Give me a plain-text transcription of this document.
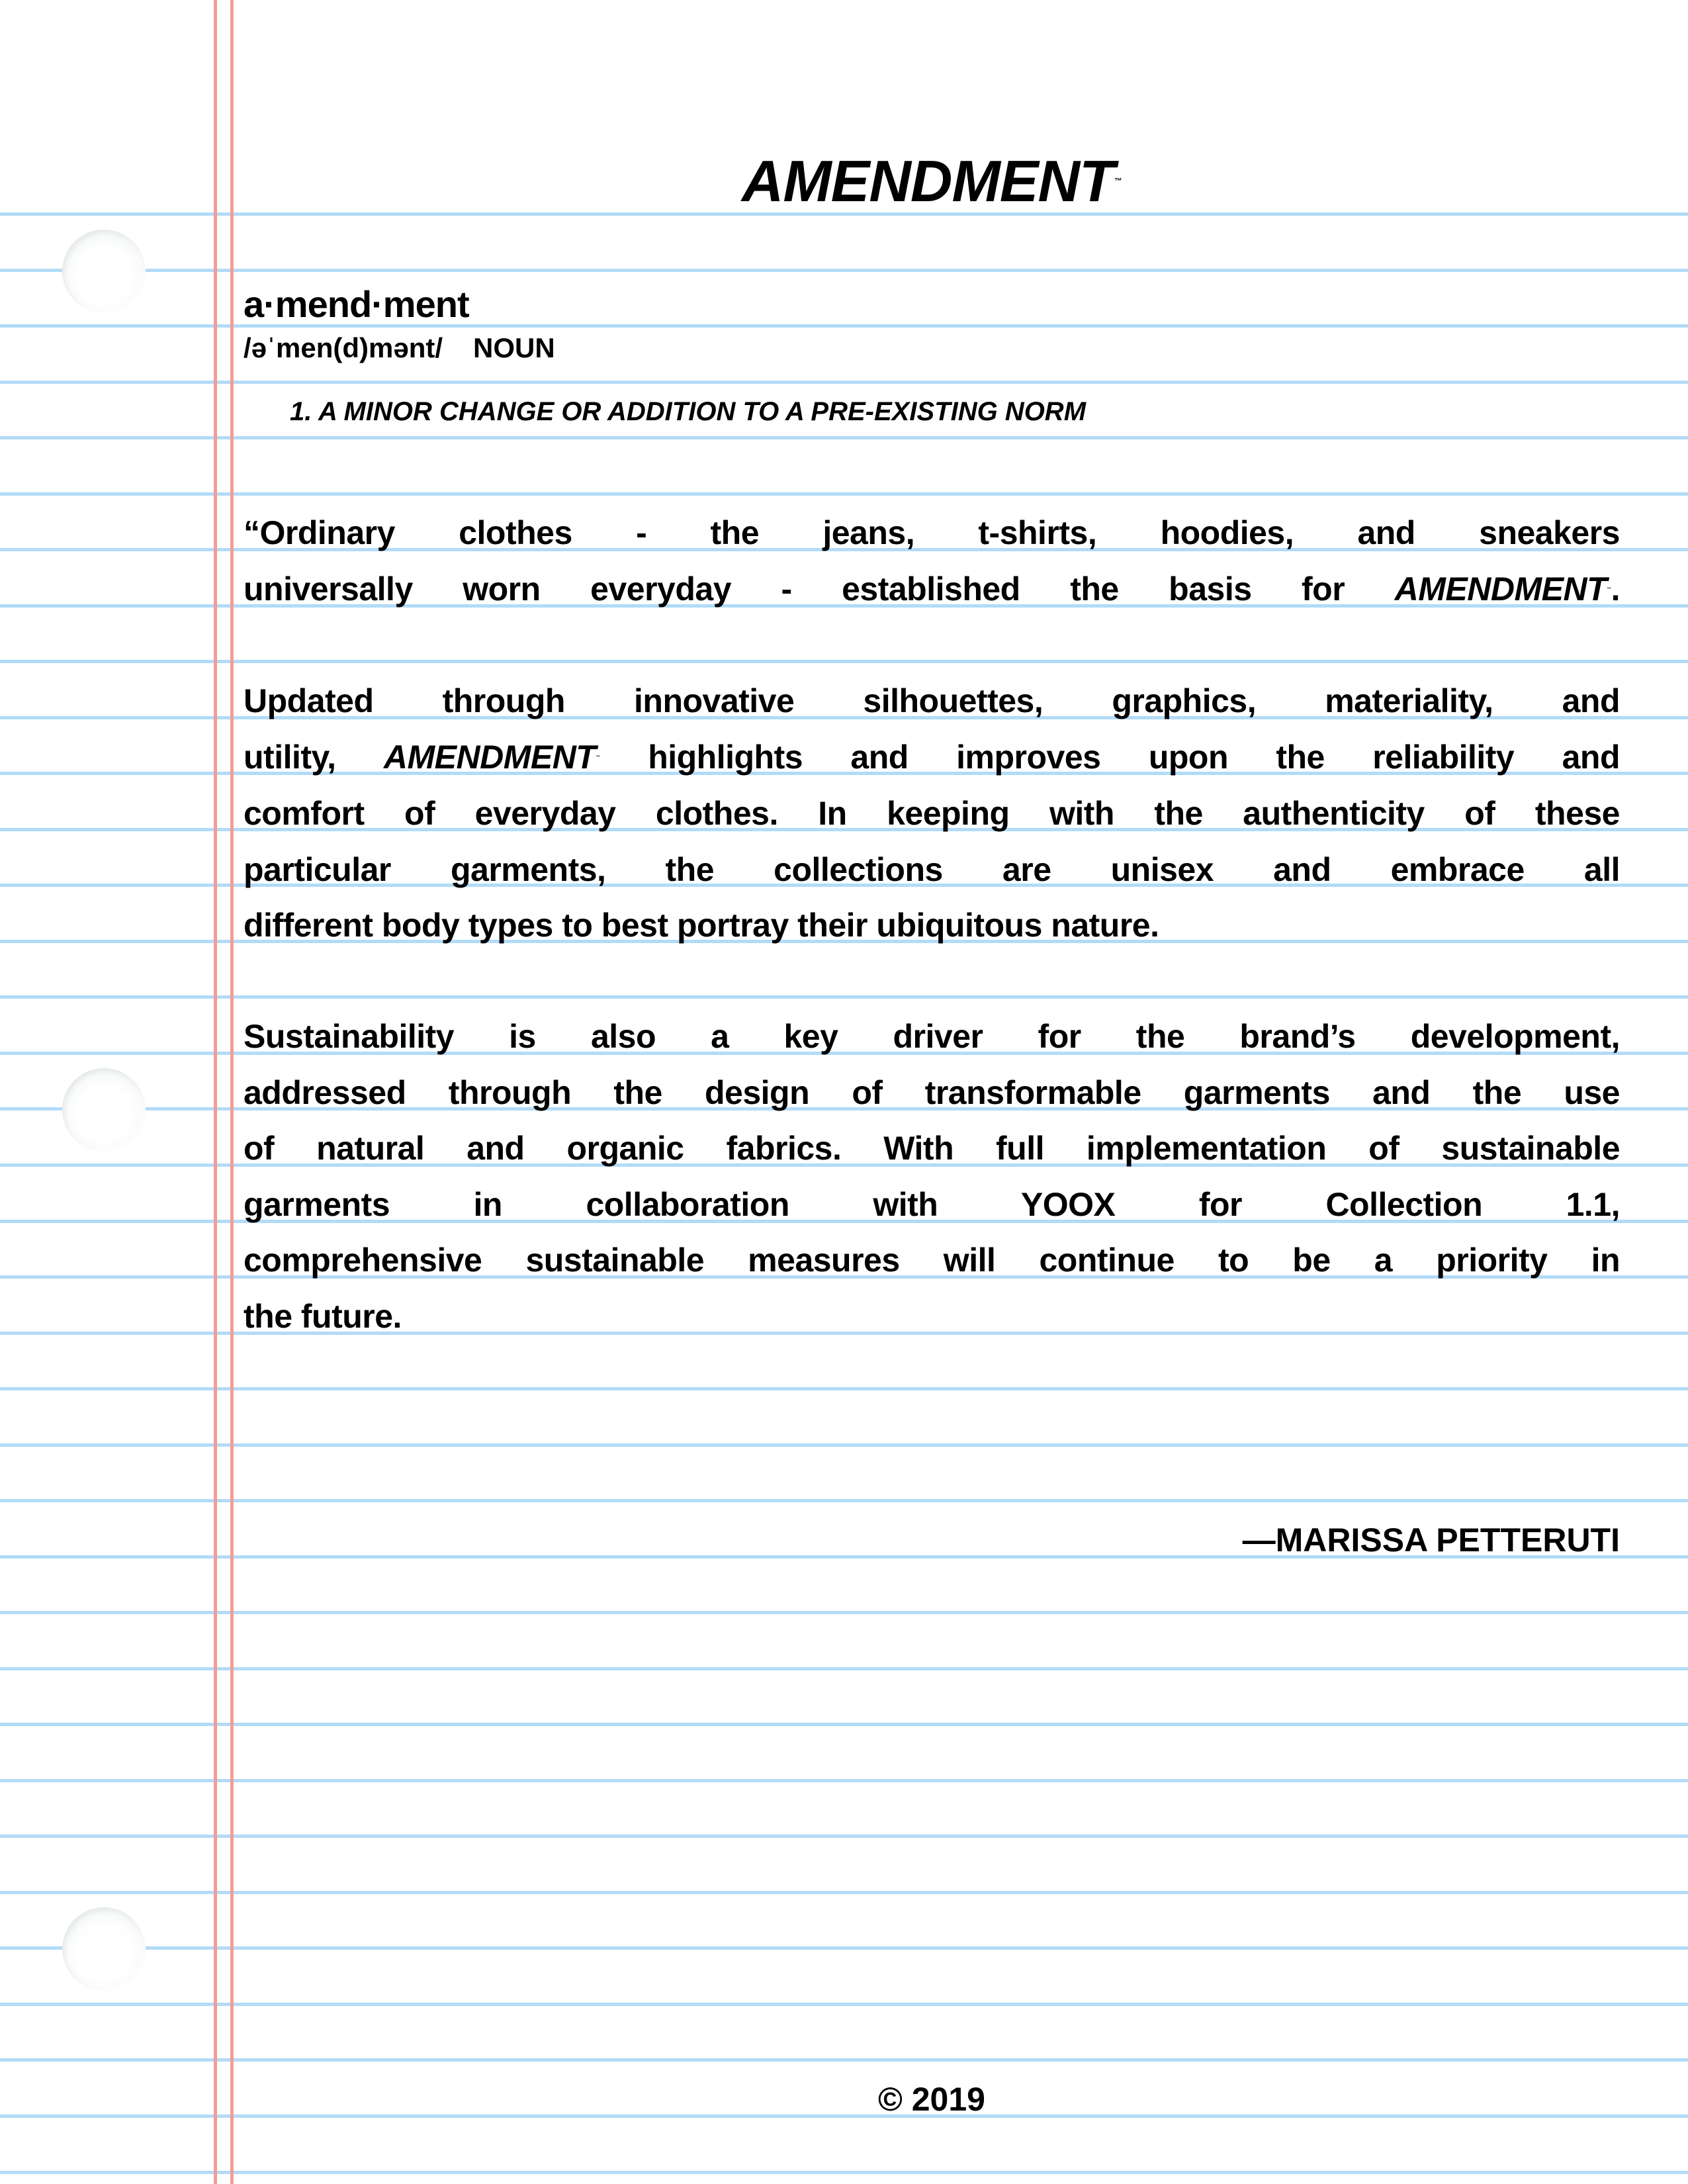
AMENDMENT™
a·mend·ment
/əˈmen(d)mənt/ NOUN
1. A MINOR CHANGE OR ADDITION TO A PRE-EXISTING NORM
“Ordinary clothes - the jeans, t-shirts, hoodies, and sneakers
universally worn everyday - established the basis for AMENDMENT™.
Updated through innovative silhouettes, graphics, materiality, and
utility, AMENDMENT™ highlights and improves upon the reliability and
comfort of everyday clothes. In keeping with the authenticity of these
particular garments, the collections are unisex and embrace all
different body types to best portray their ubiquitous nature.
Sustainability is also a key driver for the brand’s development,
addressed through the design of transformable garments and the use
of natural and organic fabrics. With full implementation of sustainable
garments in collaboration with YOOX for Collection 1.1,
comprehensive sustainable measures will continue to be a priority in
the future.
—MARISSA PETTERUTI
© 2019
